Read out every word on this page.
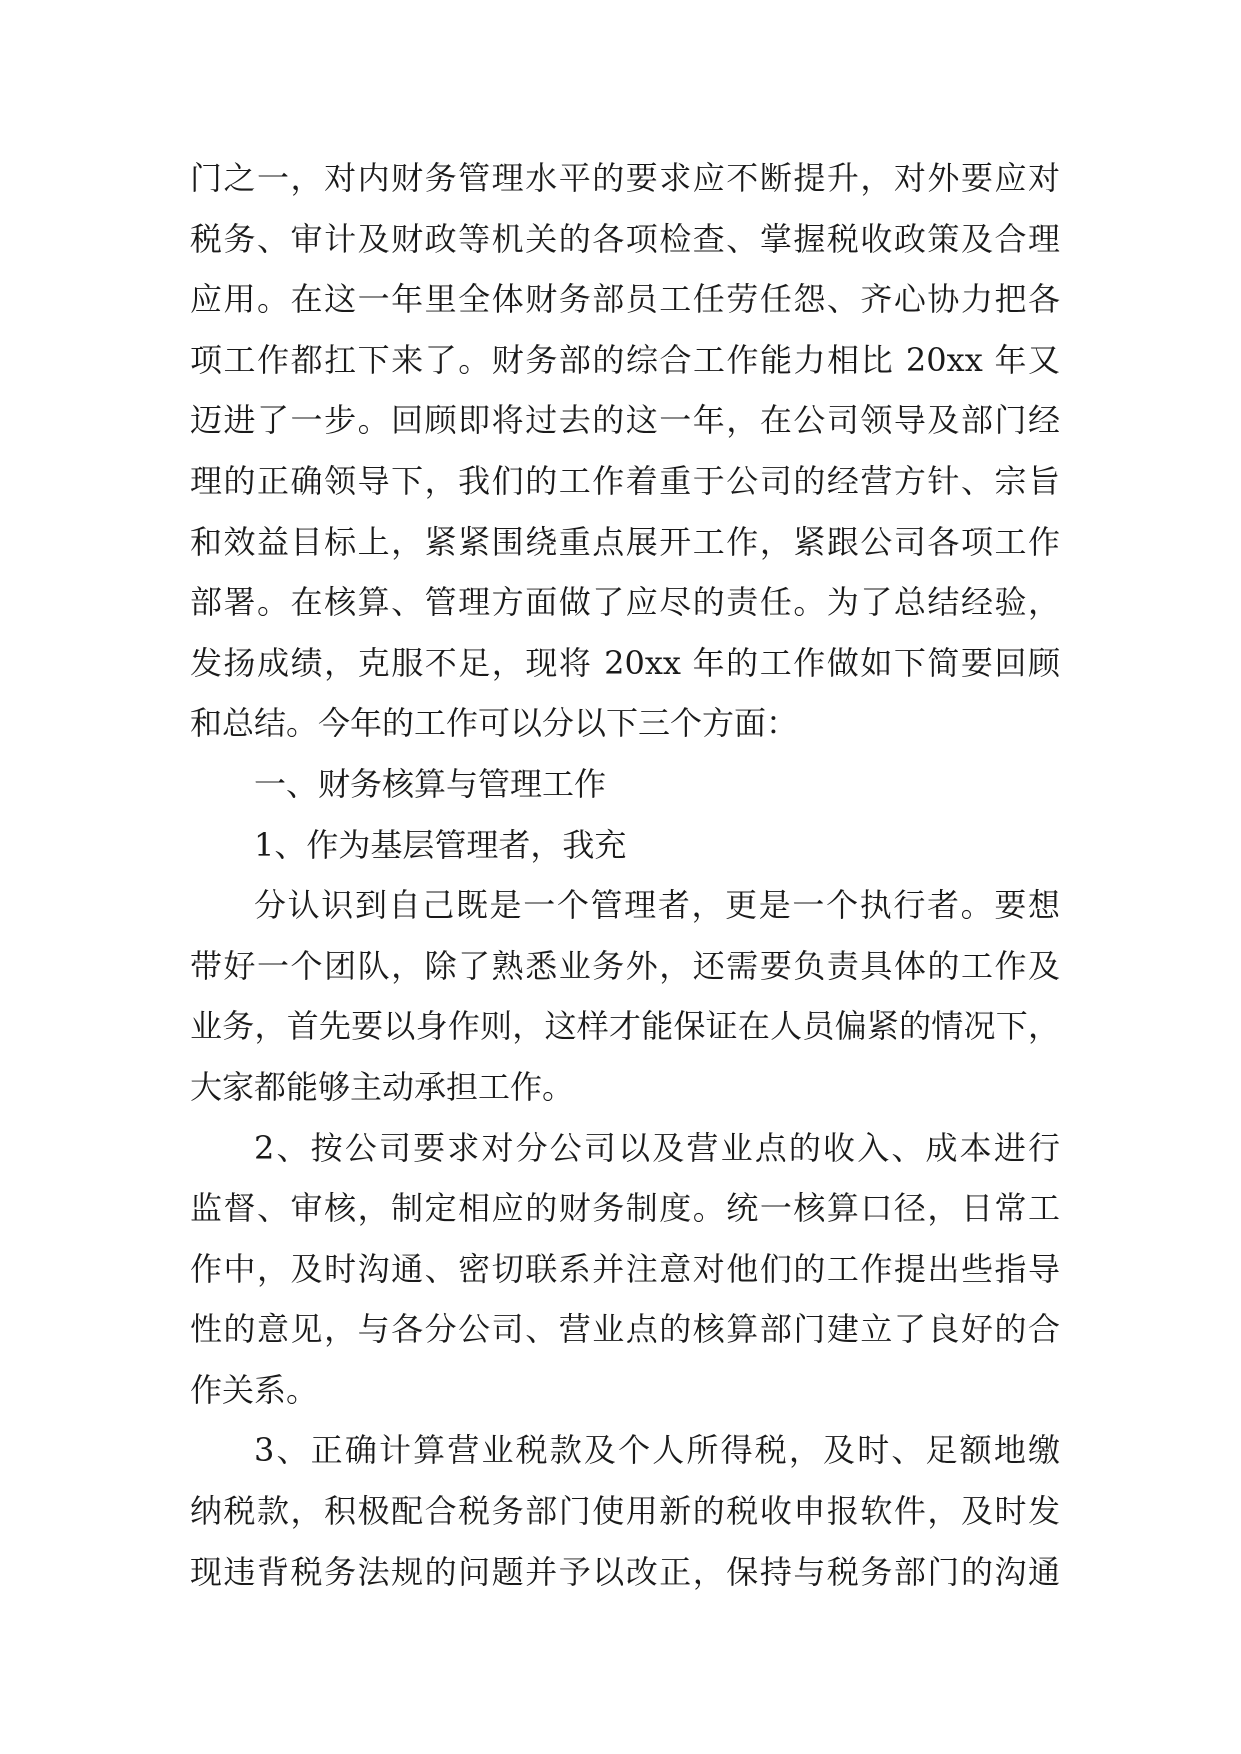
门之一，对内财务管理水平的要求应不断提升，对外要应对
税务、审计及财政等机关的各项检查、掌握税收政策及合理
应用。在这一年里全体财务部员工任劳任怨、齐心协力把各
项工作都扛下来了。财务部的综合工作能力相比 20xx 年又
迈进了一步。回顾即将过去的这一年，在公司领导及部门经
理的正确领导下，我们的工作着重于公司的经营方针、宗旨
和效益目标上，紧紧围绕重点展开工作，紧跟公司各项工作
部署。在核算、管理方面做了应尽的责任。为了总结经验，
发扬成绩，克服不足，现将 20xx 年的工作做如下简要回顾
和总结。今年的工作可以分以下三个方面：
一、财务核算与管理工作
1、作为基层管理者，我充
分认识到自己既是一个管理者，更是一个执行者。要想
带好一个团队，除了熟悉业务外，还需要负责具体的工作及
业务，首先要以身作则，这样才能保证在人员偏紧的情况下，
大家都能够主动承担工作。
2、按公司要求对分公司以及营业点的收入、成本进行
监督、审核，制定相应的财务制度。统一核算口径，日常工
作中，及时沟通、密切联系并注意对他们的工作提出些指导
性的意见，与各分公司、营业点的核算部门建立了良好的合
作关系。
3、正确计算营业税款及个人所得税，及时、足额地缴
纳税款，积极配合税务部门使用新的税收申报软件，及时发
现违背税务法规的问题并予以改正，保持与税务部门的沟通
